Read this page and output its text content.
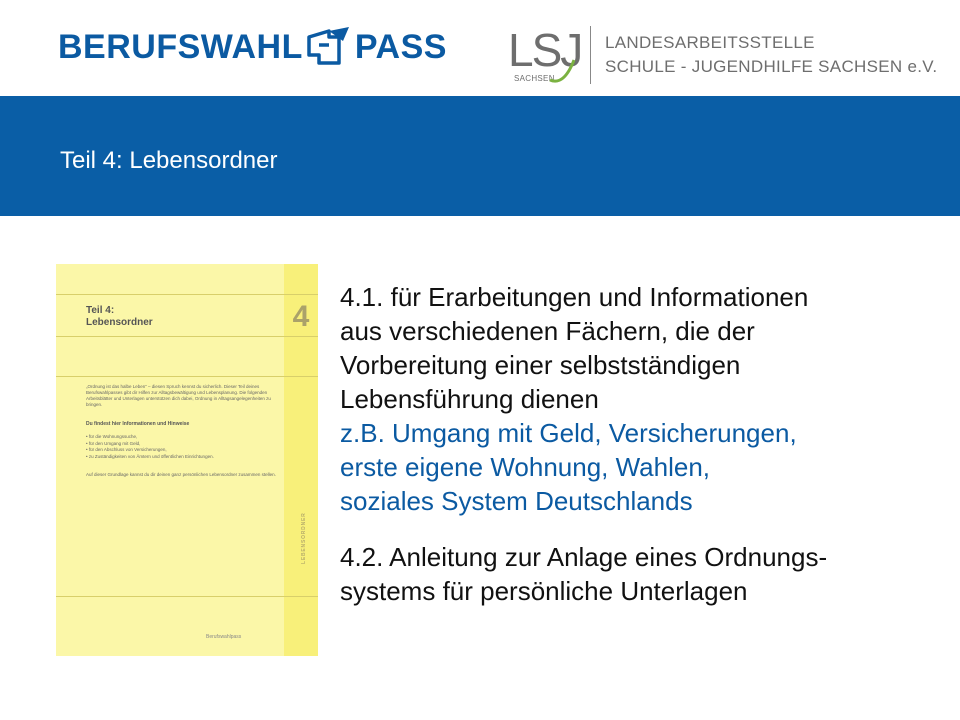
BERUFSWAHL PASS LSJ
SACHSEN
LANDESARBEITSSTELLE
SCHULE - JUGENDHILFE SACHSEN e.V.
Teil 4: Lebensordner
Teil 4:
Lebensordner	4
„Ordnung ist das halbe Leben“ – diesen Spruch kennst du sicherlich. Dieser Teil deines Berufswahlpasses gibt dir Hilfen zur Alltagsbewältigung und Lebensplanung. Die folgenden Arbeitsblätter und Unterlagen unterstützen dich dabei, Ordnung in Alltagsangelegenheiten zu bringen.
Du findest hier Informationen und Hinweise
• für die Wohnungssuche,
• für den Umgang mit Geld,
• für den Abschluss von Versicherungen,
• zu Zuständigkeiten von Ämtern und öffentlichen Einrichtungen.
Auf dieser Grundlage kannst du dir deinen ganz persönlichen Lebensordner zusammen stellen.
LEBENSORDNER
Berufswahlpass
4.1. für Erarbeitungen und Informationen
aus verschiedenen Fächern, die der
Vorbereitung einer selbstständigen
Lebensführung dienen
z.B. Umgang mit Geld, Versicherungen,
erste eigene Wohnung, Wahlen,
soziales System Deutschlands
4.2. Anleitung zur Anlage eines Ordnungs-
systems für persönliche Unterlagen
